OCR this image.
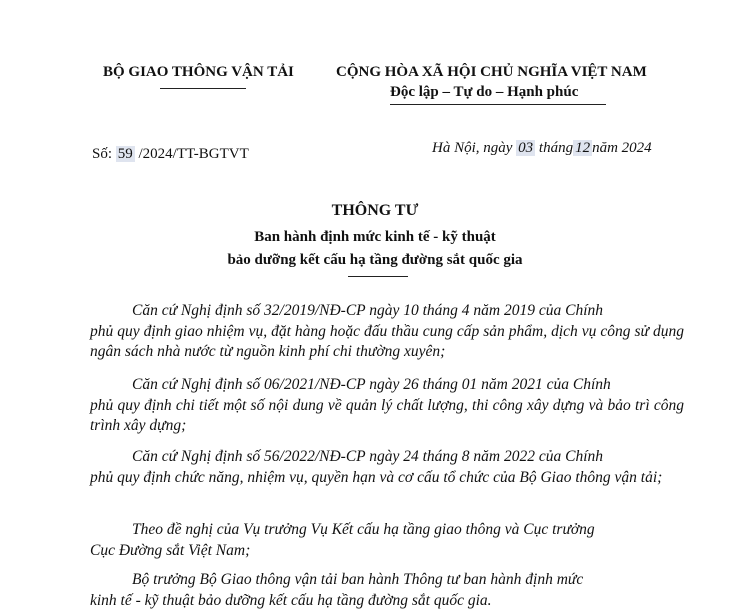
BỘ GIAO THÔNG VẬN TẢI	CỘNG HÒA XÃ HỘI CHỦ NGHĨA VIỆT NAM
Độc lập – Tự do – Hạnh phúc
Số: 59 /2024/TT-BGTVT	Hà Nội, ngày 03 tháng 12 năm 2024
THÔNG TƯ
Ban hành định mức kinh tế - kỹ thuật
bảo dưỡng kết cấu hạ tầng đường sắt quốc gia
Căn cứ Nghị định số 32/2019/NĐ-CP ngày 10 tháng 4 năm 2019 của Chính
phủ quy định giao nhiệm vụ, đặt hàng hoặc đấu thầu cung cấp sản phẩm, dịch vụ công sử dụng ngân sách nhà nước từ nguồn kinh phí chi thường xuyên;
Căn cứ Nghị định số 06/2021/NĐ-CP ngày 26 tháng 01 năm 2021 của Chính
phủ quy định chi tiết một số nội dung về quản lý chất lượng, thi công xây dựng và bảo trì công trình xây dựng;
Căn cứ Nghị định số 56/2022/NĐ-CP ngày 24 tháng 8 năm 2022 của Chính
phủ quy định chức năng, nhiệm vụ, quyền hạn và cơ cấu tổ chức của Bộ Giao thông vận tải;
Theo đề nghị của Vụ trưởng Vụ Kết cấu hạ tầng giao thông và Cục trưởng
Cục Đường sắt Việt Nam;
Bộ trưởng Bộ Giao thông vận tải ban hành Thông tư ban hành định mức
kinh tế - kỹ thuật bảo dưỡng kết cấu hạ tầng đường sắt quốc gia.
